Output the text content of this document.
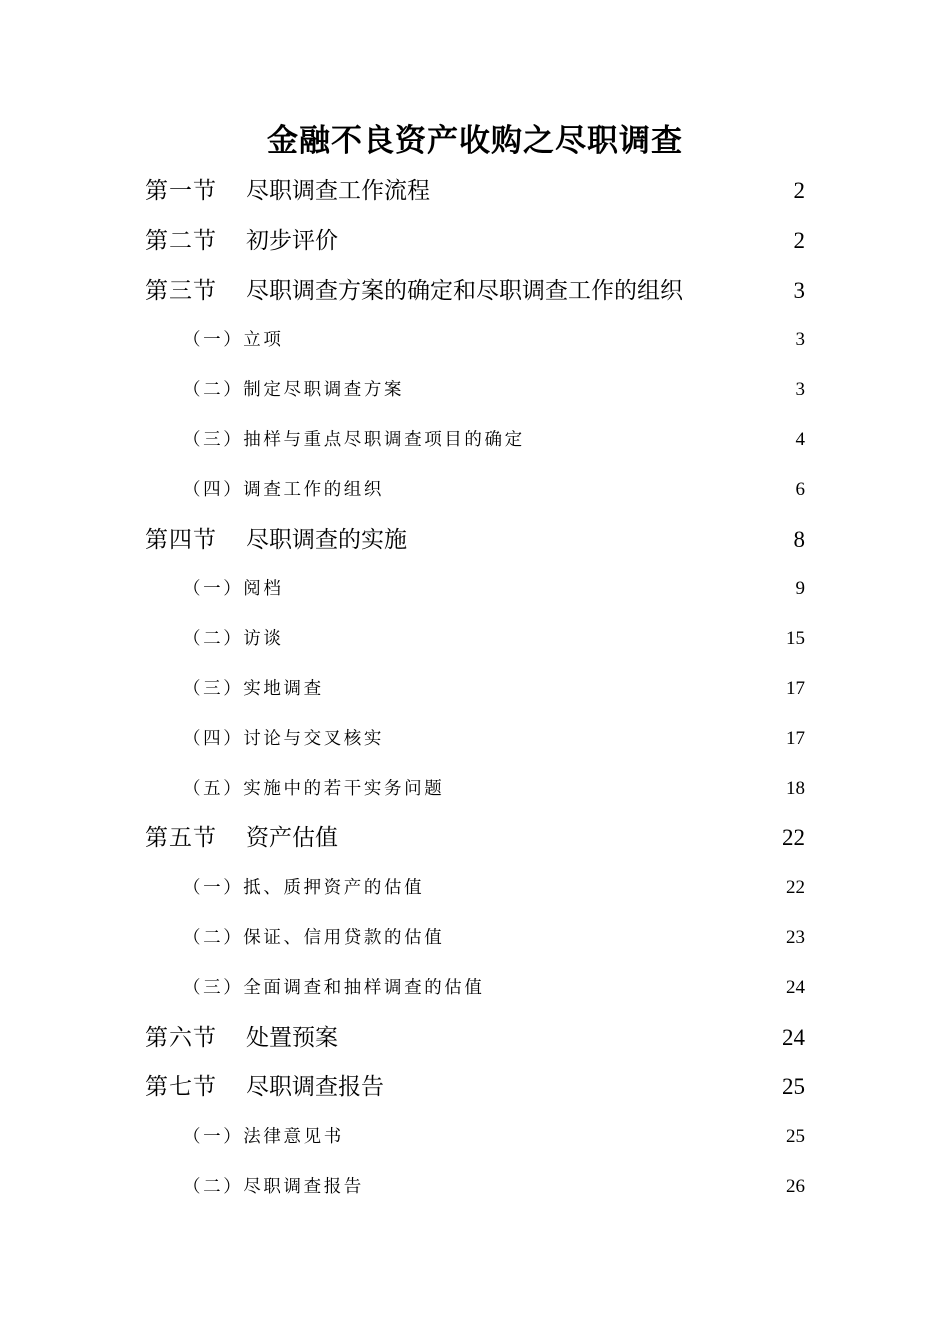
金融不良资产收购之尽职调查
第一节	尽职调查工作流程	2
第二节	初步评价	2
第三节	尽职调查方案的确定和尽职调查工作的组织	3
（一）立项	3
（二）制定尽职调查方案	3
（三）抽样与重点尽职调查项目的确定	4
（四）调查工作的组织	6
第四节	尽职调查的实施	8
（一）阅档	9
（二）访谈	15
（三）实地调查	17
（四）讨论与交叉核实	17
（五）实施中的若干实务问题	18
第五节	资产估值	22
（一）抵、质押资产的估值	22
（二）保证、信用贷款的估值	23
（三）全面调查和抽样调查的估值	24
第六节	处置预案	24
第七节	尽职调查报告	25
（一）法律意见书	25
（二）尽职调查报告	26
